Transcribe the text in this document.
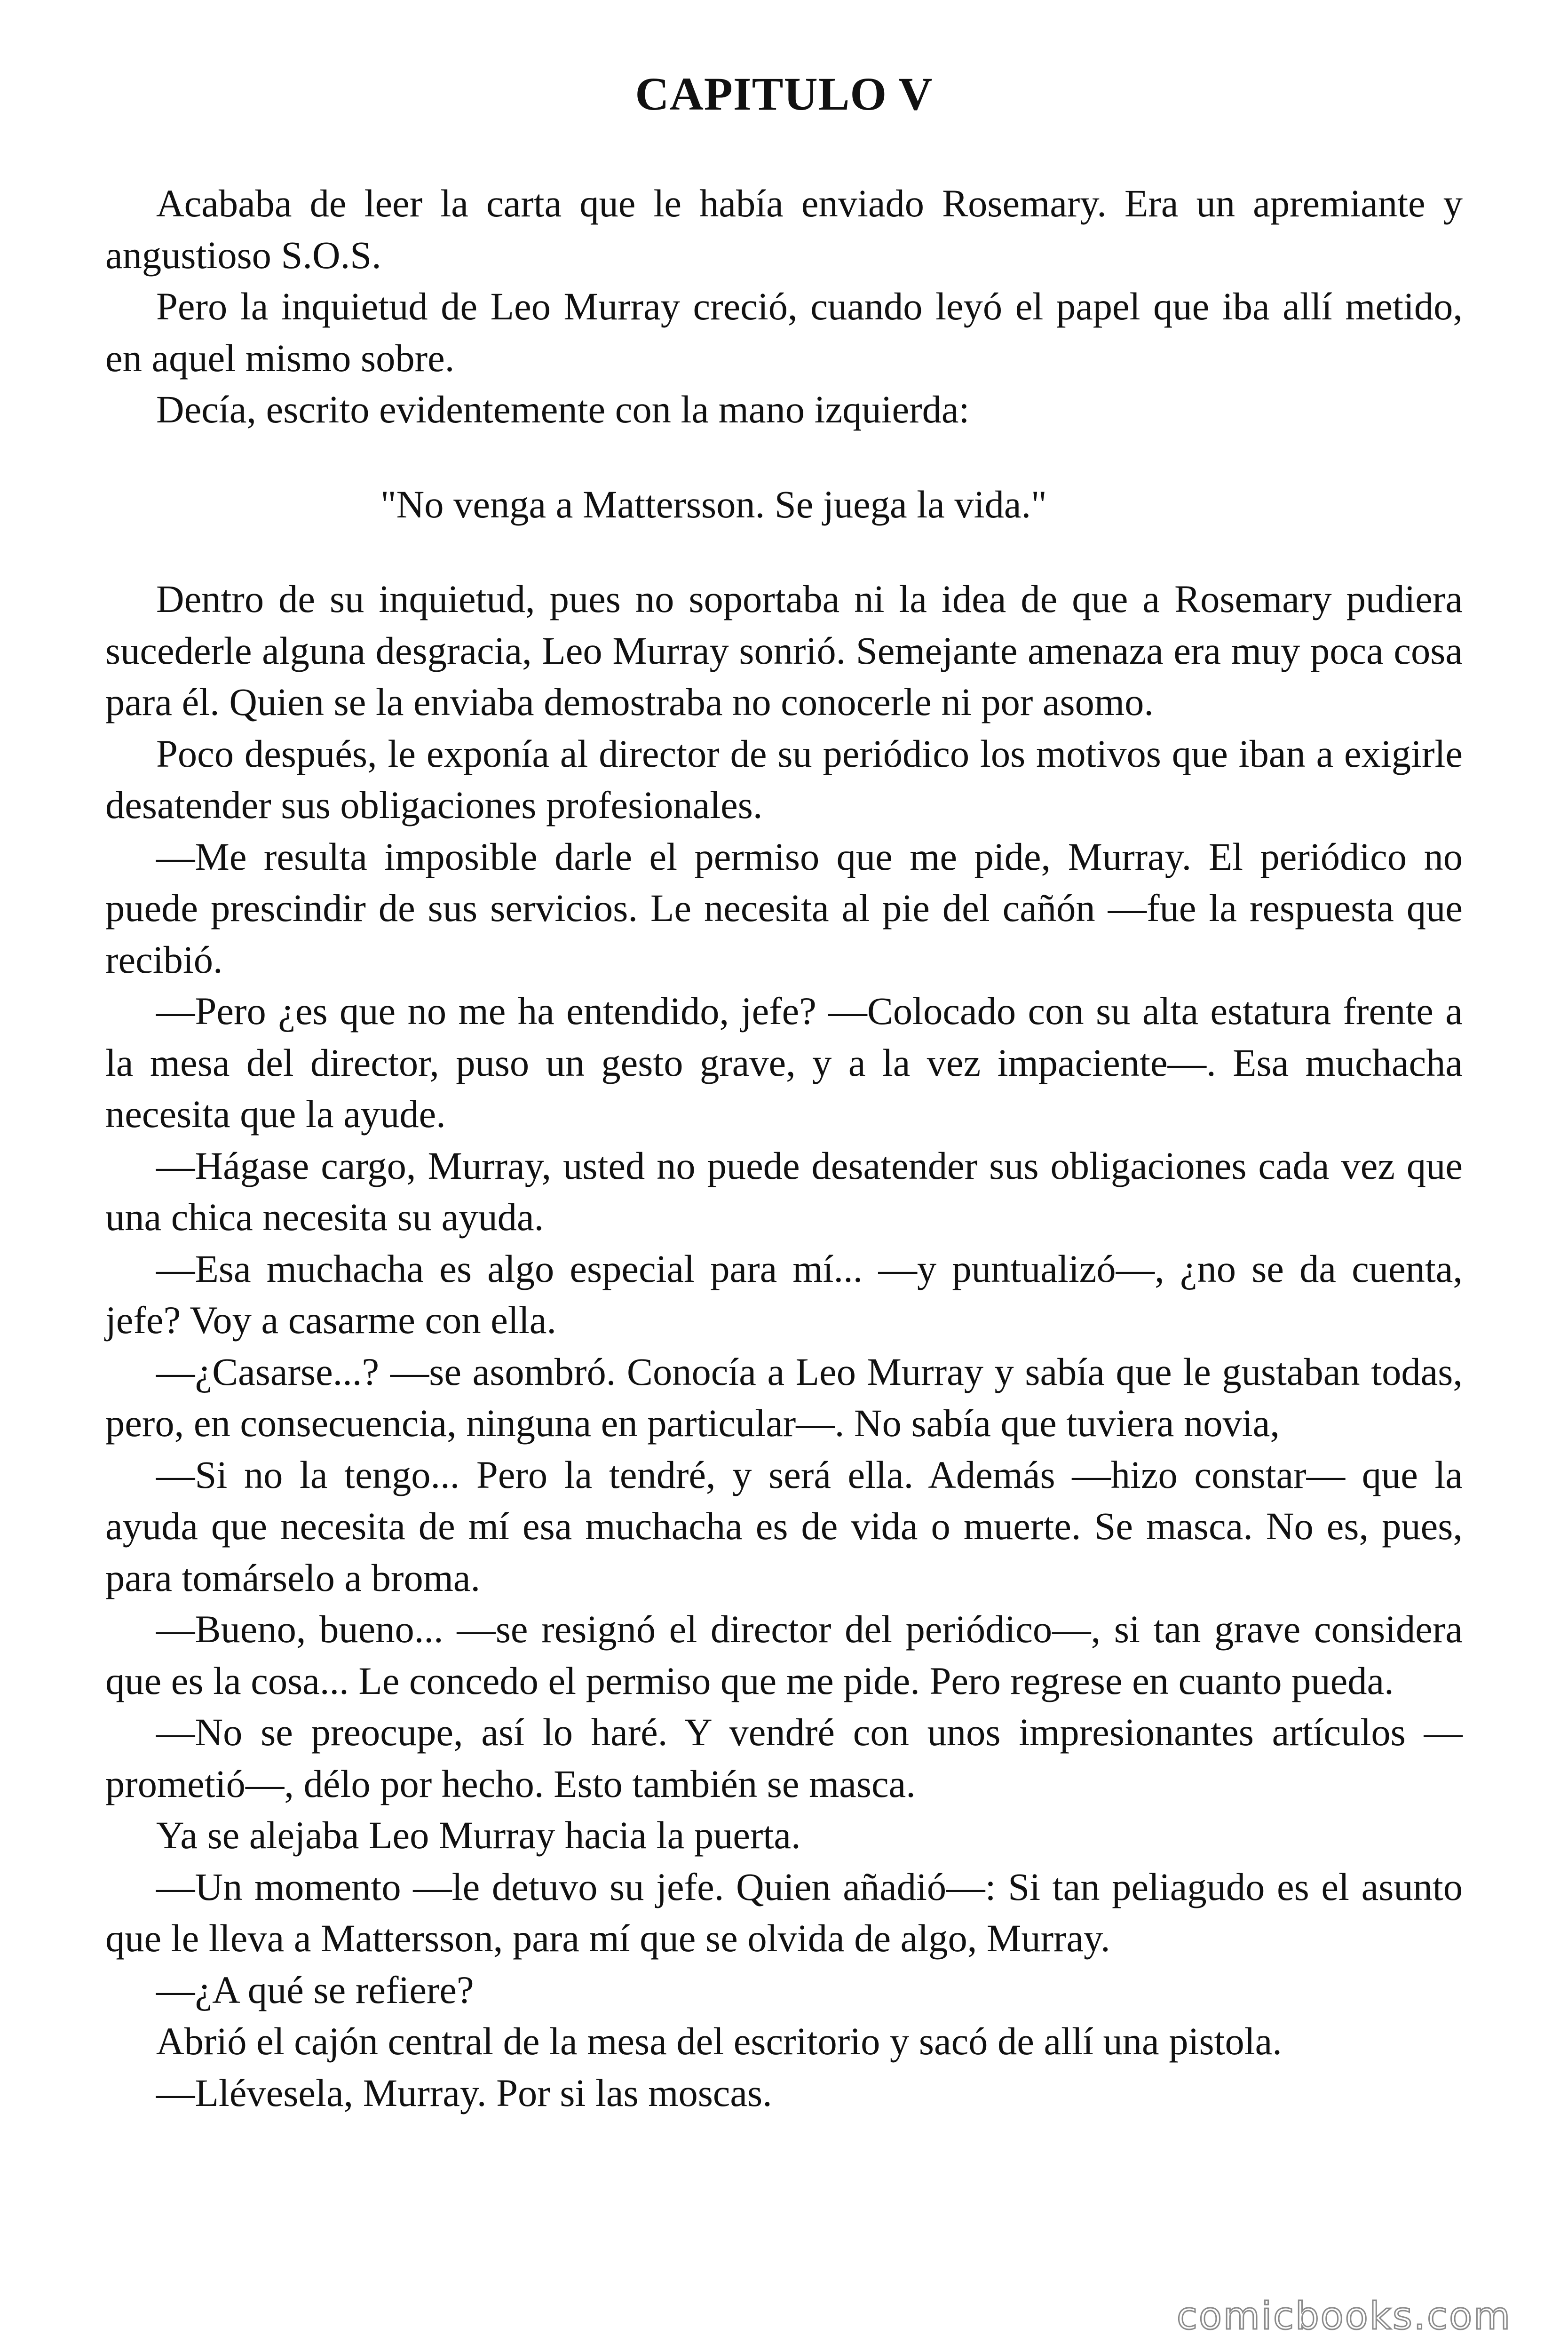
CAPITULO V

Acababa de leer la carta que le había enviado Rosemary. Era un apremiante y angustioso S.O.S.

Pero la inquietud de Leo Murray creció, cuando leyó el papel que iba allí metido, en aquel mismo sobre.

Decía, escrito evidentemente con la mano izquierda:

"No venga a Mattersson. Se juega la vida."

Dentro de su inquietud, pues no soportaba ni la idea de que a Rosemary pudiera sucederle alguna desgracia, Leo Murray sonrió. Semejante amenaza era muy poca cosa para él. Quien se la enviaba demostraba no conocerle ni por asomo.

Poco después, le exponía al director de su periódico los motivos que iban a exigirle desatender sus obligaciones profesionales.

—Me resulta imposible darle el permiso que me pide, Murray. El periódico no puede prescindir de sus servicios. Le necesita al pie del cañón —fue la respuesta que recibió.

—Pero ¿es que no me ha entendido, jefe? —Colocado con su alta estatura frente a la mesa del director, puso un gesto grave, y a la vez impaciente—. Esa muchacha necesita que la ayude.

—Hágase cargo, Murray, usted no puede desatender sus obligaciones cada vez que una chica necesita su ayuda.

—Esa muchacha es algo especial para mí... —y puntualizó—, ¿no se da cuenta, jefe? Voy a casarme con ella.

—¿Casarse...? —se asombró. Conocía a Leo Murray y sabía que le gustaban todas, pero, en consecuencia, ninguna en particular—. No sabía que tuviera novia,

—Si no la tengo... Pero la tendré, y será ella. Además —hizo constar— que la ayuda que necesita de mí esa muchacha es de vida o muerte. Se masca. No es, pues, para tomárselo a broma.

—Bueno, bueno... —se resignó el director del periódico—, si tan grave considera que es la cosa... Le concedo el permiso que me pide. Pero regrese en cuanto pueda.

—No se preocupe, así lo haré. Y vendré con unos impresionantes artículos —prometió—, délo por hecho. Esto también se masca.

Ya se alejaba Leo Murray hacia la puerta.

—Un momento —le detuvo su jefe. Quien añadió—: Si tan peliagudo es el asunto que le lleva a Mattersson, para mí que se olvida de algo, Murray.

—¿A qué se refiere?

Abrió el cajón central de la mesa del escritorio y sacó de allí una pistola.

—Llévesela, Murray. Por si las moscas.

comicbooks.com
